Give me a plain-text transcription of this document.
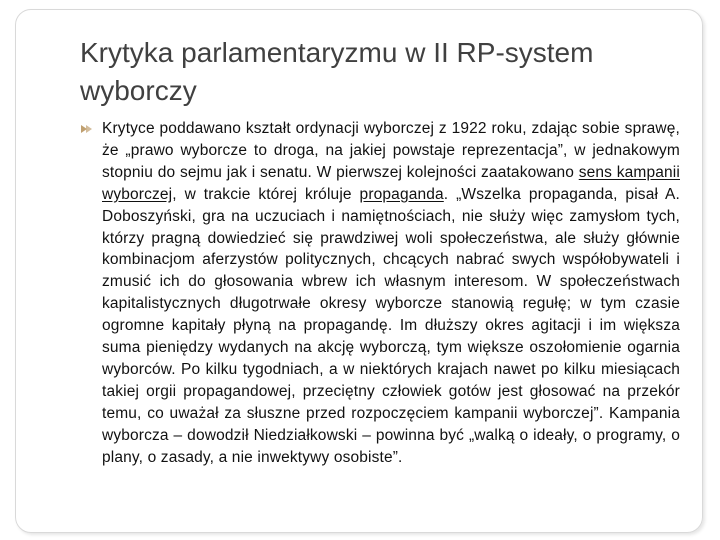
Krytyka parlamentaryzmu w II RP-system wyborczy

Krytyce poddawano kształt ordynacji wyborczej z 1922 roku, zdając sobie sprawę, że „prawo wyborcze to droga, na jakiej powstaje reprezentacja”, w jednakowym stopniu do sejmu jak i senatu. W pierwszej kolejności zaatakowano sens kampanii wyborczej, w trakcie której króluje propaganda. „Wszelka propaganda, pisał A. Doboszyński, gra na uczuciach i namiętnościach, nie służy więc zamysłom tych, którzy pragną dowiedzieć się prawdziwej woli społeczeństwa, ale służy głównie kombinacjom aferzystów politycznych, chcących nabrać swych współobywateli i zmusić ich do głosowania wbrew ich własnym interesom. W społeczeństwach kapitalistycznych długotrwałe okresy wyborcze stanowią regułę; w tym czasie ogromne kapitały płyną na propagandę. Im dłuższy okres agitacji i im większa suma pieniędzy wydanych na akcję wyborczą, tym większe oszołomienie ogarnia wyborców. Po kilku tygodniach, a w niektórych krajach nawet po kilku miesiącach takiej orgii propagandowej, przeciętny człowiek gotów jest głosować na przekór temu, co uważał za słuszne przed rozpoczęciem kampanii wyborczej”. Kampania wyborcza – dowodził Niedziałkowski – powinna być „walką o ideały, o programy, o plany, o zasady, a nie inwektywy osobiste”.
